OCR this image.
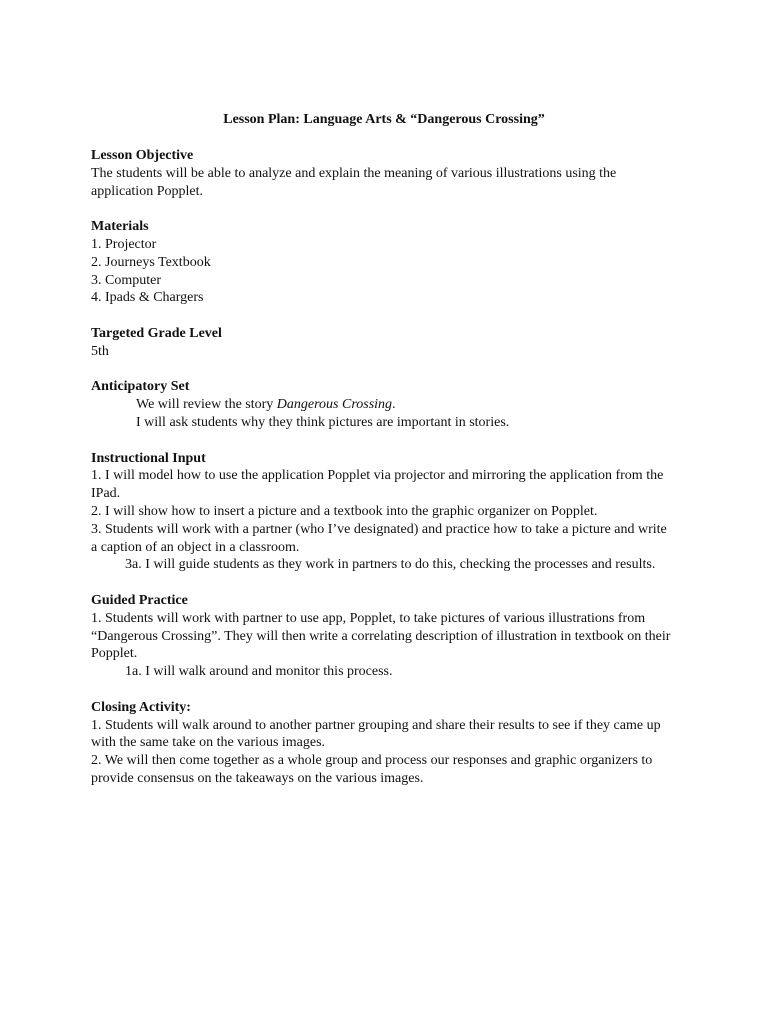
Lesson Plan: Language Arts & “Dangerous Crossing”

Lesson Objective
The students will be able to analyze and explain the meaning of various illustrations using the application Popplet.
Materials
1. Projector
2. Journeys Textbook
3. Computer
4. Ipads & Chargers
Targeted Grade Level
5th
Anticipatory Set
We will review the story Dangerous Crossing.
I will ask students why they think pictures are important in stories.
Instructional Input
1. I will model how to use the application Popplet via projector and mirroring the application from the IPad.
2. I will show how to insert a picture and a textbook into the graphic organizer on Popplet.
3. Students will work with a partner (who I’ve designated) and practice how to take a picture and write a caption of an object in a classroom.
3a. I will guide students as they work in partners to do this, checking the processes and results.
Guided Practice
1. Students will work with partner to use app, Popplet, to take pictures of various illustrations from “Dangerous Crossing”. They will then write a correlating description of illustration in textbook on their Popplet.
1a. I will walk around and monitor this process.
Closing Activity:
1. Students will walk around to another partner grouping and share their results to see if they came up with the same take on the various images.
2. We will then come together as a whole group and process our responses and graphic organizers to provide consensus on the takeaways on the various images.
